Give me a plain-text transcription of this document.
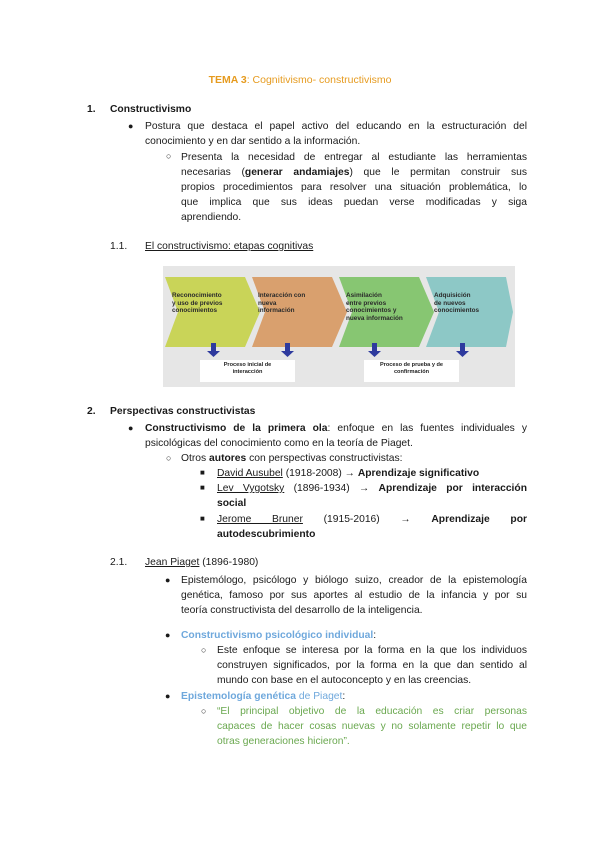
TEMA 3: Cognitivismo- constructivismo
1. Constructivismo
● Postura que destaca el papel activo del educando en la estructuración del
conocimiento y en dar sentido a la información.
○ Presenta la necesidad de entregar al estudiante las herramientas
necesarias (generar andamiajes) que le permitan construir sus
propios procedimientos para resolver una situación problemática, lo
que implica que sus ideas puedan verse modificadas y siga
aprendiendo.
1.1. El constructivismo: etapas cognitivas
Reconocimiento
y uso de previos
conocimientos
Interacción con
nueva
información
Asimilación
entre previos
conocimientos y
nueva información
Adquisición
de nuevos
conocimientos
Proceso inicial de
interacción
Proceso de prueba y de
confirmación
2. Perspectivas constructivistas
● Constructivismo de la primera ola: enfoque en las fuentes individuales y
psicológicas del conocimiento como en la teoría de Piaget.
○ Otros autores con perspectivas constructivistas:
■ David Ausubel (1918-2008) → Aprendizaje significativo
■ Lev Vygotsky (1896-1934) → Aprendizaje por interacción
social
■ Jerome Bruner (1915-2016) → Aprendizaje por
autodescubrimiento
2.1. Jean Piaget (1896-1980)
● Epistemólogo, psicólogo y biólogo suizo, creador de la epistemología
genética, famoso por sus aportes al estudio de la infancia y por su
teoría constructivista del desarrollo de la inteligencia.
● Constructivismo psicológico individual:
○ Este enfoque se interesa por la forma en la que los individuos
construyen significados, por la forma en la que dan sentido al
mundo con base en el autoconcepto y en las creencias.
● Epistemología genética de Piaget:
○ “El principal objetivo de la educación es criar personas
capaces de hacer cosas nuevas y no solamente repetir lo que
otras generaciones hicieron”.
